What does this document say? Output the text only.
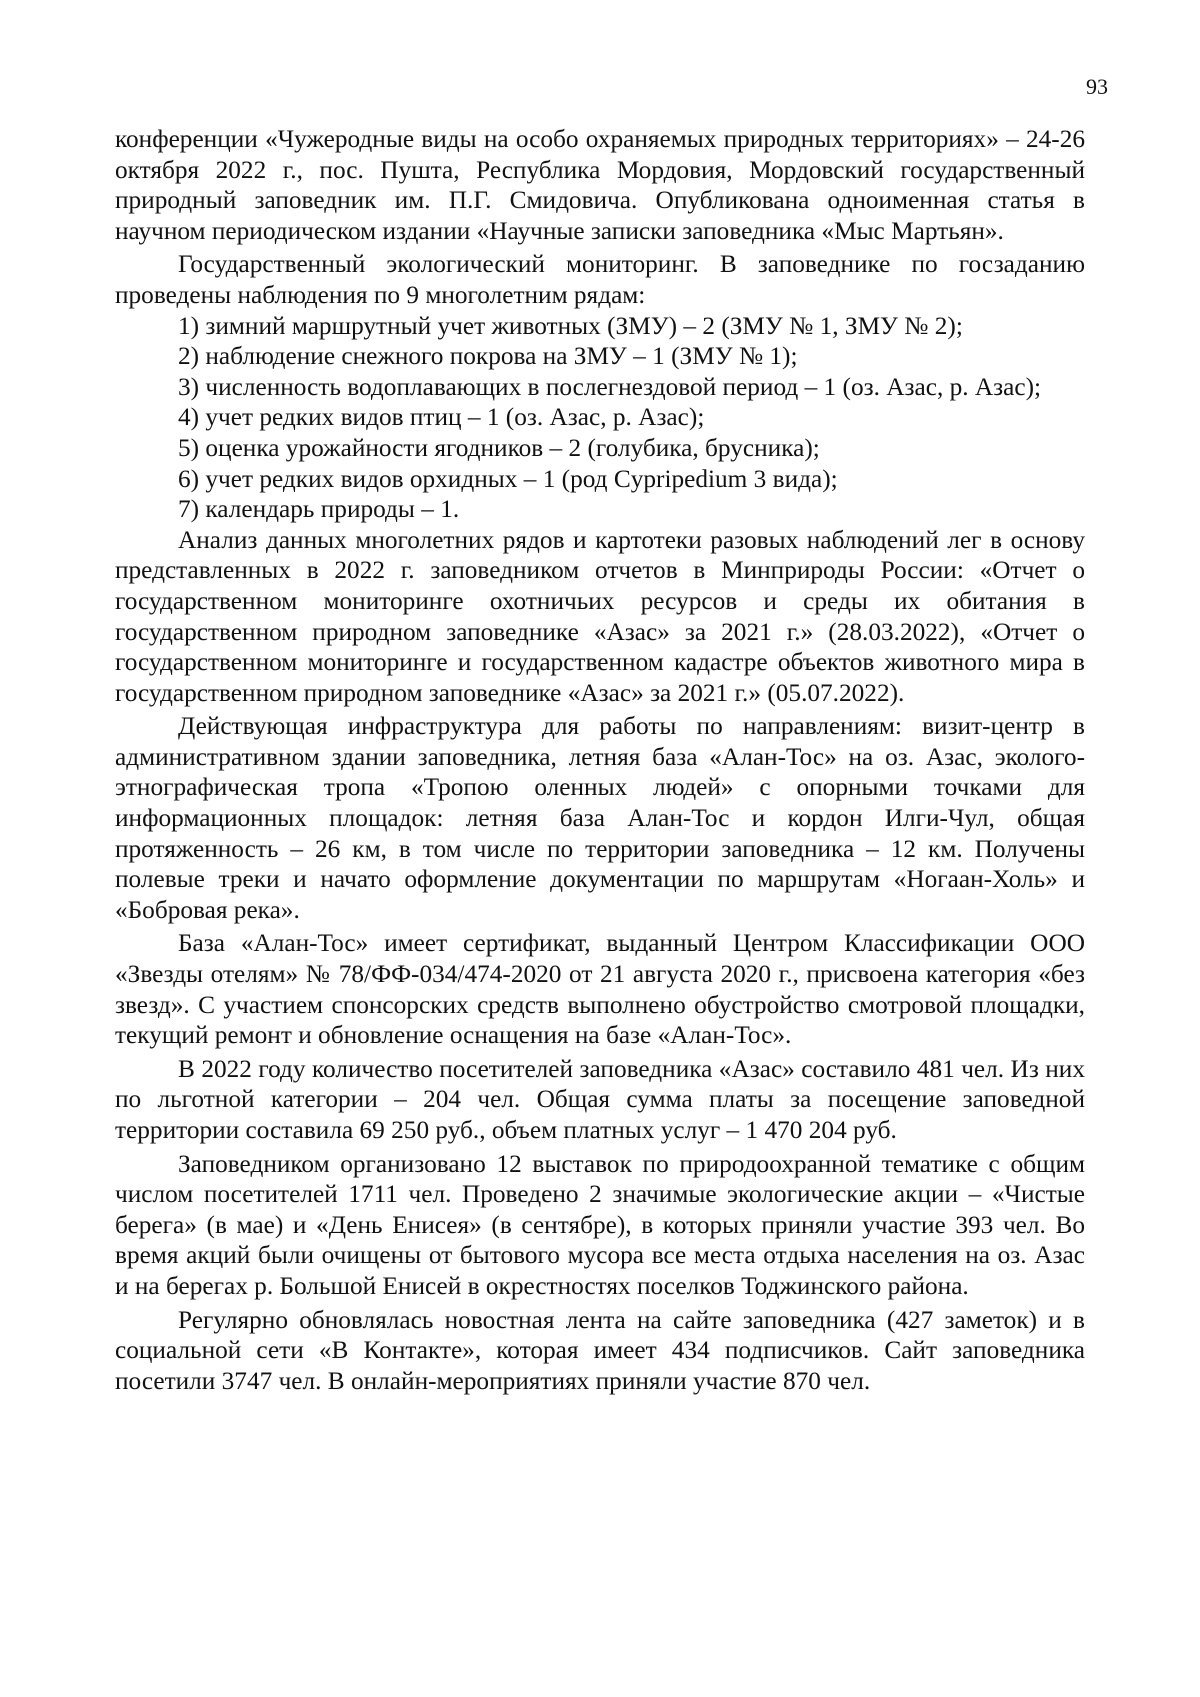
93

конференции «Чужеродные виды на особо охраняемых природных территориях» – 24-26 октября 2022 г., пос. Пушта, Республика Мордовия, Мордовский государственный природный заповедник им. П.Г. Смидовича. Опубликована одноименная статья в научном периодическом издании «Научные записки заповедника «Мыс Мартьян».

Государственный экологический мониторинг. В заповеднике по госзаданию проведены наблюдения по 9 многолетним рядам:

1) зимний маршрутный учет животных (ЗМУ) – 2 (ЗМУ № 1, ЗМУ № 2);
2) наблюдение снежного покрова на ЗМУ – 1 (ЗМУ № 1);
3) численность водоплавающих в послегнездовой период – 1 (оз. Азас, р. Азас);
4) учет редких видов птиц – 1 (оз. Азас, р. Азас);
5) оценка урожайности ягодников – 2 (голубика, брусника);
6) учет редких видов орхидных – 1 (род Cypripedium 3 вида);
7) календарь природы – 1.

Анализ данных многолетних рядов и картотеки разовых наблюдений лег в основу представленных в 2022 г. заповедником отчетов в Минприроды России: «Отчет о государственном мониторинге охотничьих ресурсов и среды их обитания в государственном природном заповеднике «Азас» за 2021 г.» (28.03.2022), «Отчет о государственном мониторинге и государственном кадастре объектов животного мира в государственном природном заповеднике «Азас» за 2021 г.» (05.07.2022).

Действующая инфраструктура для работы по направлениям: визит-центр в административном здании заповедника, летняя база «Алан-Тос» на оз. Азас, эколого-этнографическая тропа «Тропою оленных людей» с опорными точками для информационных площадок: летняя база Алан-Тос и кордон Илги-Чул, общая протяженность – 26 км, в том числе по территории заповедника – 12 км. Получены полевые треки и начато оформление документации по маршрутам «Ногаан-Холь» и «Бобровая река».

База «Алан-Тос» имеет сертификат, выданный Центром Классификации ООО «Звезды отелям» № 78/ФФ-034/474-2020 от 21 августа 2020 г., присвоена категория «без звезд». С участием спонсорских средств выполнено обустройство смотровой площадки, текущий ремонт и обновление оснащения на базе «Алан-Тос».

В 2022 году количество посетителей заповедника «Азас» составило 481 чел. Из них по льготной категории – 204 чел. Общая сумма платы за посещение заповедной территории составила 69 250 руб., объем платных услуг – 1 470 204 руб.

Заповедником организовано 12 выставок по природоохранной тематике с общим числом посетителей 1711 чел. Проведено 2 значимые экологические акции – «Чистые берега» (в мае) и «День Енисея» (в сентябре), в которых приняли участие 393 чел. Во время акций были очищены от бытового мусора все места отдыха населения на оз. Азас и на берегах р. Большой Енисей в окрестностях поселков Тоджинского района.

Регулярно обновлялась новостная лента на сайте заповедника (427 заметок) и в социальной сети «В Контакте», которая имеет 434 подписчиков. Сайт заповедника посетили 3747 чел. В онлайн-мероприятиях приняли участие 870 чел.
